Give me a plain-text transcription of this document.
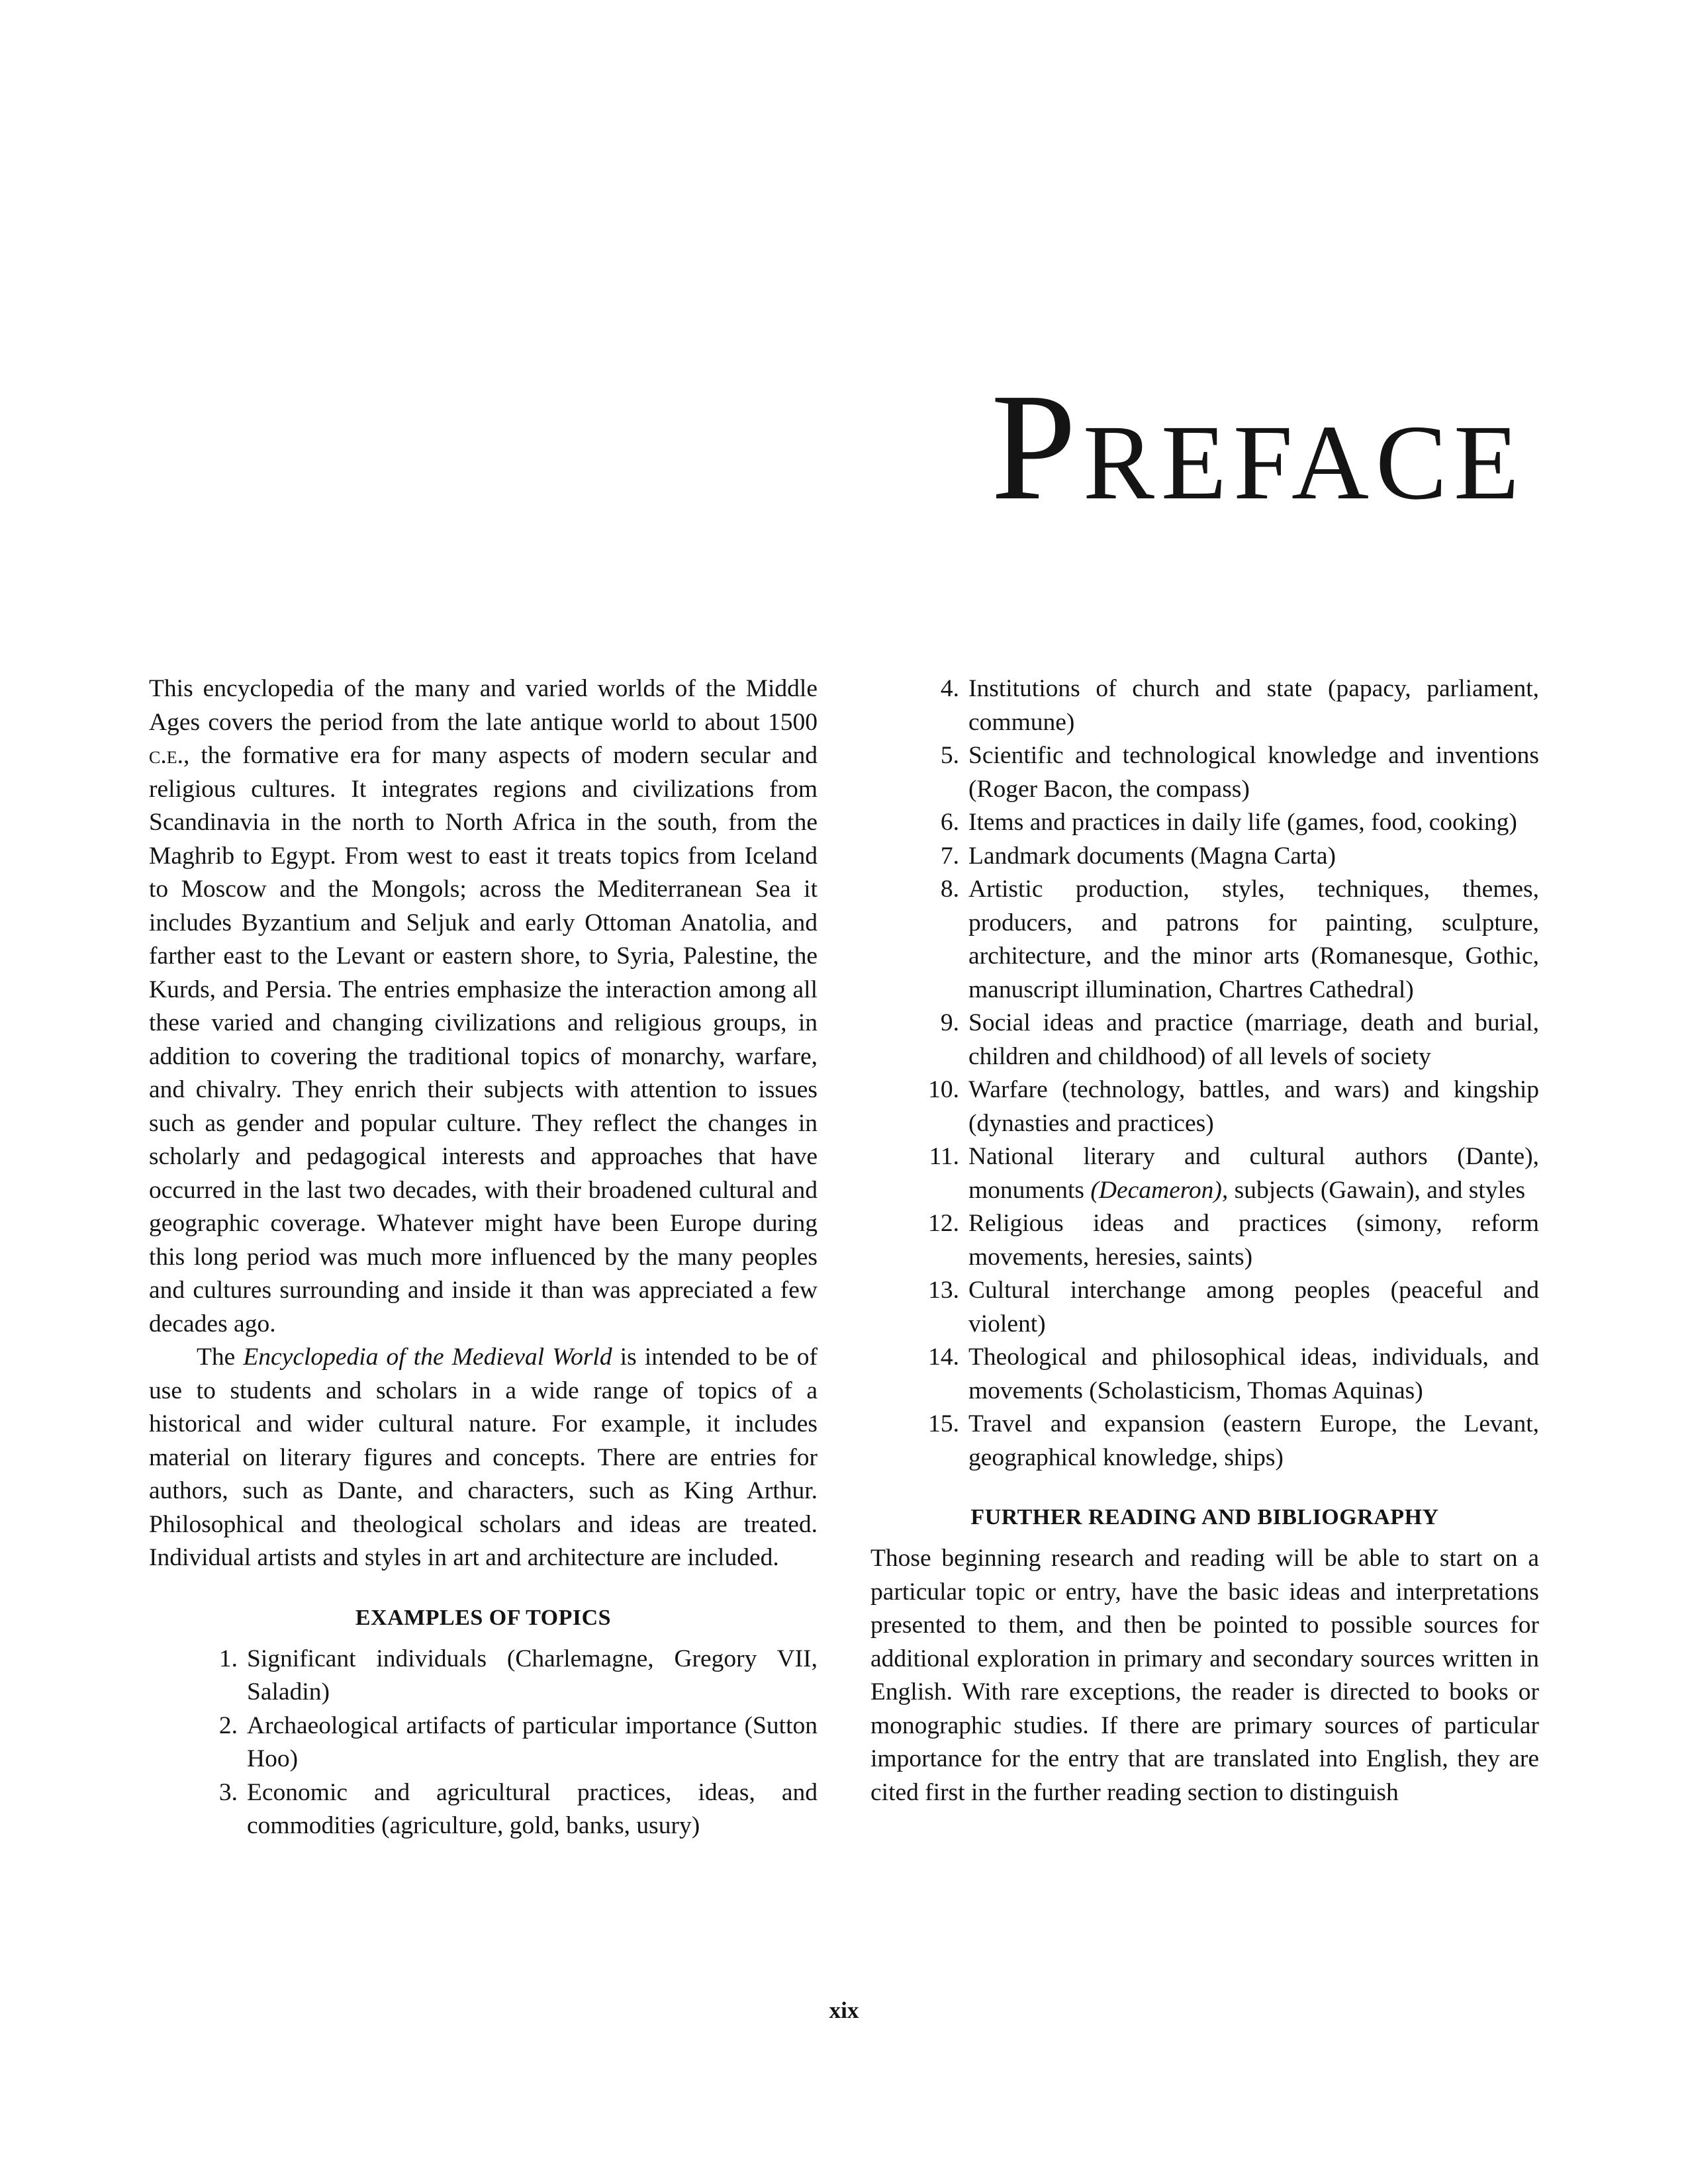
Preface

This encyclopedia of the many and varied worlds of the Middle Ages covers the period from the late antique world to about 1500 c.e., the formative era for many aspects of modern secular and religious cultures. It integrates regions and civilizations from Scandinavia in the north to North Africa in the south, from the Maghrib to Egypt. From west to east it treats topics from Iceland to Moscow and the Mongols; across the Mediterranean Sea it includes Byzantium and Seljuk and early Ottoman Anatolia, and farther east to the Levant or eastern shore, to Syria, Palestine, the Kurds, and Persia. The entries emphasize the interaction among all these varied and changing civilizations and religious groups, in addition to covering the traditional topics of monarchy, warfare, and chivalry. They enrich their subjects with attention to issues such as gender and popular culture. They reflect the changes in scholarly and pedagogical interests and approaches that have occurred in the last two decades, with their broadened cultural and geographic coverage. Whatever might have been Europe during this long period was much more influenced by the many peoples and cultures surrounding and inside it than was appreciated a few decades ago.

The Encyclopedia of the Medieval World is intended to be of use to students and scholars in a wide range of topics of a historical and wider cultural nature. For example, it includes material on literary figures and concepts. There are entries for authors, such as Dante, and characters, such as King Arthur. Philosophical and theological scholars and ideas are treated. Individual artists and styles in art and architecture are included.

EXAMPLES OF TOPICS
1. Significant individuals (Charlemagne, Gregory VII, Saladin)
2. Archaeological artifacts of particular importance (Sutton Hoo)
3. Economic and agricultural practices, ideas, and commodities (agriculture, gold, banks, usury)
4. Institutions of church and state (papacy, parliament, commune)
5. Scientific and technological knowledge and inventions (Roger Bacon, the compass)
6. Items and practices in daily life (games, food, cooking)
7. Landmark documents (Magna Carta)
8. Artistic production, styles, techniques, themes, producers, and patrons for painting, sculpture, architecture, and the minor arts (Romanesque, Gothic, manuscript illumination, Chartres Cathedral)
9. Social ideas and practice (marriage, death and burial, children and childhood) of all levels of society
10. Warfare (technology, battles, and wars) and kingship (dynasties and practices)
11. National literary and cultural authors (Dante), monuments (Decameron), subjects (Gawain), and styles
12. Religious ideas and practices (simony, reform movements, heresies, saints)
13. Cultural interchange among peoples (peaceful and violent)
14. Theological and philosophical ideas, individuals, and movements (Scholasticism, Thomas Aquinas)
15. Travel and expansion (eastern Europe, the Levant, geographical knowledge, ships)
FURTHER READING AND BIBLIOGRAPHY

Those beginning research and reading will be able to start on a particular topic or entry, have the basic ideas and interpretations presented to them, and then be pointed to possible sources for additional exploration in primary and secondary sources written in English. With rare exceptions, the reader is directed to books or monographic studies. If there are primary sources of particular importance for the entry that are translated into English, they are cited first in the further reading section to distinguish

xix
